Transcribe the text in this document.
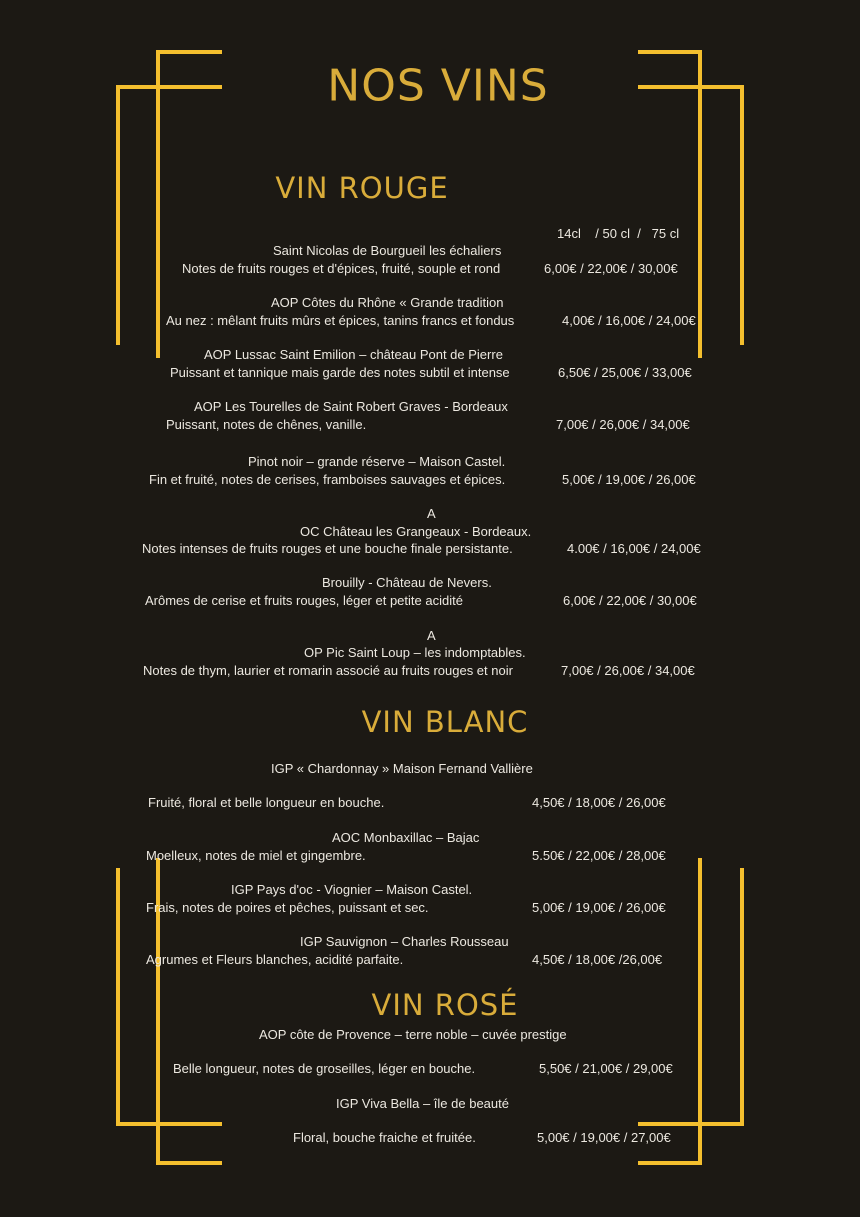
NOS VINS
VIN ROUGE
VIN BLANC
VIN ROSÉ
14cl    / 50 cl  /   75 cl
Saint Nicolas de Bourgueil les échaliers
Notes de fruits rouges et d'épices, fruité, souple et rond	6,00€ / 22,00€ / 30,00€
AOP Côtes du Rhône « Grande tradition
Au nez : mêlant fruits mûrs et épices, tanins francs et fondus	4,00€ / 16,00€ / 24,00€
AOP Lussac Saint Emilion – château Pont de Pierre
Puissant et tannique mais garde des notes subtil et intense	6,50€ / 25,00€ / 33,00€
AOP Les Tourelles de Saint Robert Graves - Bordeaux
Puissant, notes de chênes, vanille.	7,00€ / 26,00€ / 34,00€
Pinot noir – grande réserve – Maison Castel.
Fin et fruité, notes de cerises, framboises sauvages et épices.	5,00€ / 19,00€ / 26,00€
A
OC Château les Grangeaux - Bordeaux.
Notes intenses de fruits rouges et une bouche finale persistante.	4.00€ / 16,00€ / 24,00€
Brouilly - Château de Nevers.
Arômes de cerise et fruits rouges, léger et petite acidité	6,00€ / 22,00€ / 30,00€
A
OP Pic Saint Loup – les indomptables.
Notes de thym, laurier et romarin associé au fruits rouges et noir	7,00€ / 26,00€ / 34,00€
IGP « Chardonnay » Maison Fernand Vallière
Fruité, floral et belle longueur en bouche.	4,50€ / 18,00€ / 26,00€
AOC Monbaxillac – Bajac
Moelleux, notes de miel et gingembre.	5.50€ / 22,00€ / 28,00€
IGP Pays d'oc - Viognier – Maison Castel.
Frais, notes de poires et pêches, puissant et sec.	5,00€ / 19,00€ / 26,00€
IGP Sauvignon – Charles Rousseau
Agrumes et Fleurs blanches, acidité parfaite.	4,50€ / 18,00€ /26,00€
AOP côte de Provence – terre noble – cuvée prestige
Belle longueur, notes de groseilles, léger en bouche.	5,50€ / 21,00€ / 29,00€
IGP Viva Bella – île de beauté
Floral, bouche fraiche et fruitée.	5,00€ / 19,00€ / 27,00€
